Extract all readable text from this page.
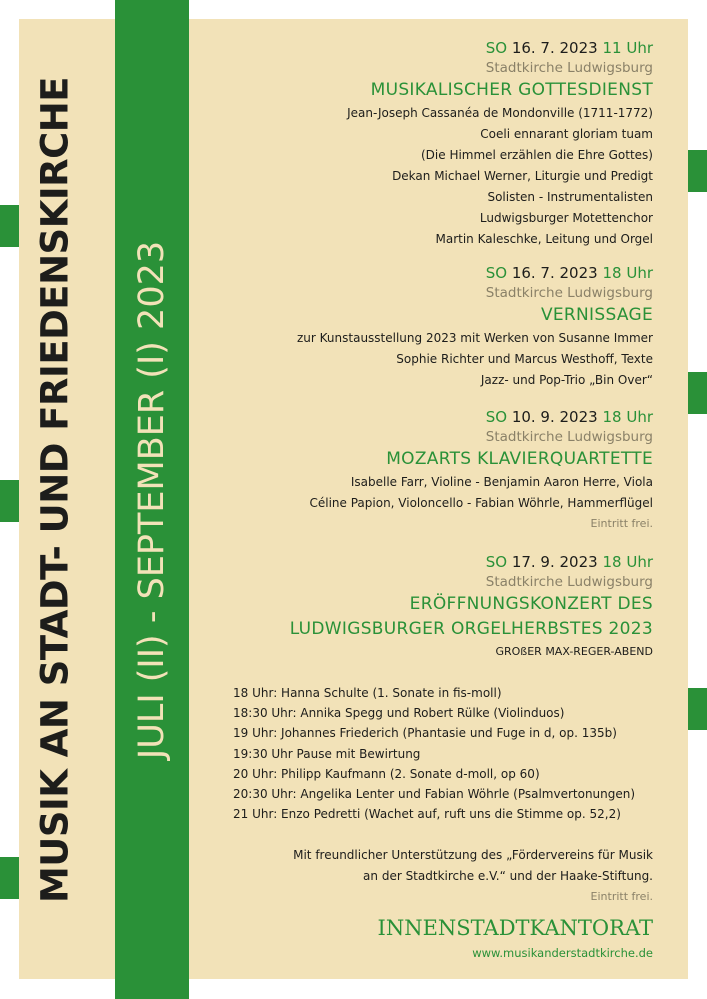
MUSIK AN STADT- UND FRIEDENSKIRCHE JULI (II) - SEPTEMBER (I) 2023
SO 16. 7. 2023 11 Uhr
Stadtkirche Ludwigsburg
MUSIKALISCHER GOTTESDIENST
Jean-Joseph Cassanéa de Mondonville (1711-1772)
Coeli ennarant gloriam tuam
(Die Himmel erzählen die Ehre Gottes)
Dekan Michael Werner, Liturgie und Predigt
Solisten - Instrumentalisten
Ludwigsburger Motettenchor
Martin Kaleschke, Leitung und Orgel
SO 16. 7. 2023 18 Uhr
Stadtkirche Ludwigsburg
VERNISSAGE
zur Kunstausstellung 2023 mit Werken von Susanne Immer
Sophie Richter und Marcus Westhoff, Texte
Jazz- und Pop-Trio „Bin Over“
SO 10. 9. 2023 18 Uhr
Stadtkirche Ludwigsburg
MOZARTS KLAVIERQUARTETTE
Isabelle Farr, Violine - Benjamin Aaron Herre, Viola
Céline Papion, Violoncello - Fabian Wöhrle, Hammerflügel
Eintritt frei.
SO 17. 9. 2023 18 Uhr
Stadtkirche Ludwigsburg
ERÖFFNUNGSKONZERT DES
LUDWIGSBURGER ORGELHERBSTES 2023
GROßER MAX-REGER-ABEND
18 Uhr: Hanna Schulte (1. Sonate in fis-moll)
18:30 Uhr: Annika Spegg und Robert Rülke (Violinduos)
19 Uhr: Johannes Friederich (Phantasie und Fuge in d, op. 135b)
19:30 Uhr Pause mit Bewirtung
20 Uhr: Philipp Kaufmann (2. Sonate d-moll, op 60)
20:30 Uhr: Angelika Lenter und Fabian Wöhrle (Psalmvertonungen)
21 Uhr: Enzo Pedretti (Wachet auf, ruft uns die Stimme op. 52,2)
Mit freundlicher Unterstützung des „Fördervereins für Musik
an der Stadtkirche e.V.“ und der Haake-Stiftung.
Eintritt frei.
INNENSTADTKANTORAT
www.musikanderstadtkirche.de
